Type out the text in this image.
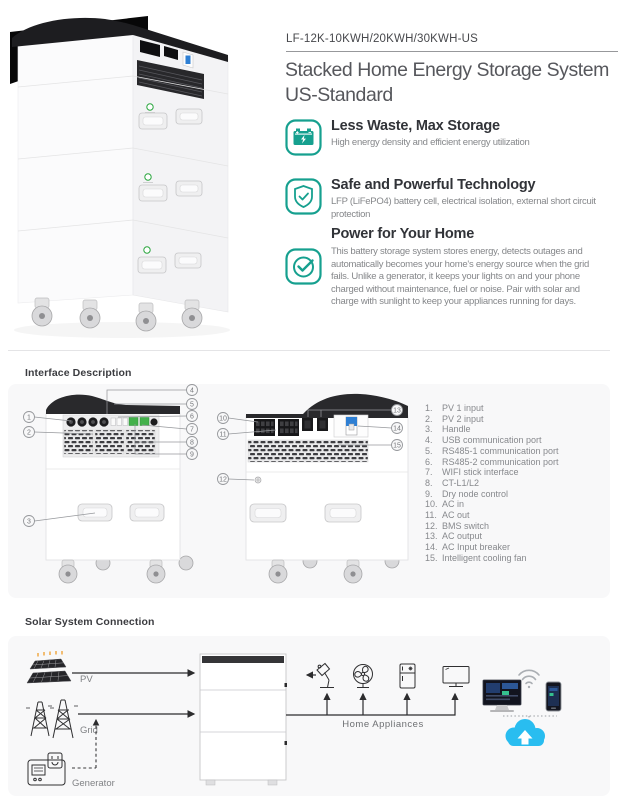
LF-12K-10KWH/20KWH/30KWH-US
Stacked Home Energy Storage System
US-Standard
Less Waste, Max Storage
High energy density and efficient energy utilization
Safe and Powerful Technology
LFP (LiFePO4) battery cell, electrical isolation, external short circuit protection
Power for Your Home
This battery storage system stores energy, detects outages and automatically becomes your home's energy source when the grid fails. Unlike a generator, it keeps your lights on and your phone charged without maintenance, fuel or noise. Pair with solar and charge with sunlight to keep your appliances running for days.
Interface Description
1
2
3
4
5
6
7
8
9
10
11
12
13
14
15
1.	PV 1 input
2.	PV 2 input
3.	Handle
4.	USB communication port
5.	RS485-1 communication port
6.	RS485-2 communication port
7.	WIFI stick interface
8.	CT-L1/L2
9.	Dry node control
10. AC in
11. AC out
12. BMS switch
13. AC output
14. AC Input breaker
15. Intelligent cooling fan
Solar System Connection
PV
Grid
Generator
Home Appliances
